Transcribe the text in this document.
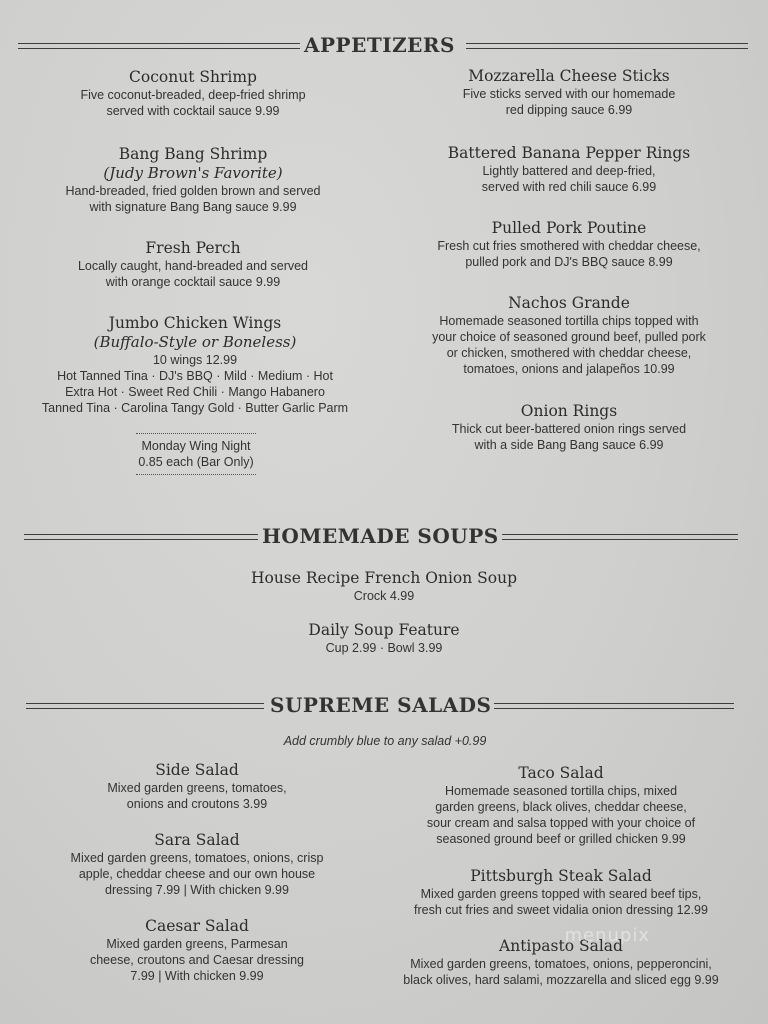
APPETIZERS
Coconut Shrimp
Five coconut-breaded, deep-fried shrimp
served with cocktail sauce 9.99
Bang Bang Shrimp
(Judy Brown's Favorite)
Hand-breaded, fried golden brown and served
with signature Bang Bang sauce 9.99
Fresh Perch
Locally caught, hand-breaded and served
with orange cocktail sauce 9.99
Jumbo Chicken Wings
(Buffalo-Style or Boneless)
10 wings 12.99
Hot Tanned Tina · DJ's BBQ · Mild · Medium · Hot
Extra Hot · Sweet Red Chili · Mango Habanero
Tanned Tina · Carolina Tangy Gold · Butter Garlic Parm
Monday Wing Night
0.85 each (Bar Only)
Mozzarella Cheese Sticks
Five sticks served with our homemade
red dipping sauce 6.99
Battered Banana Pepper Rings
Lightly battered and deep-fried,
served with red chili sauce 6.99
Pulled Pork Poutine
Fresh cut fries smothered with cheddar cheese,
pulled pork and DJ's BBQ sauce 8.99
Nachos Grande
Homemade seasoned tortilla chips topped with
your choice of seasoned ground beef, pulled pork
or chicken, smothered with cheddar cheese,
tomatoes, onions and jalapeños 10.99
Onion Rings
Thick cut beer-battered onion rings served
with a side Bang Bang sauce 6.99
HOMEMADE SOUPS
House Recipe French Onion Soup
Crock 4.99
Daily Soup Feature
Cup 2.99 · Bowl 3.99
SUPREME SALADS
Add crumbly blue to any salad +0.99
Side Salad
Mixed garden greens, tomatoes,
onions and croutons 3.99
Sara Salad
Mixed garden greens, tomatoes, onions, crisp
apple, cheddar cheese and our own house
dressing 7.99 | With chicken 9.99
Caesar Salad
Mixed garden greens, Parmesan
cheese, croutons and Caesar dressing
7.99 | With chicken 9.99
Taco Salad
Homemade seasoned tortilla chips, mixed
garden greens, black olives, cheddar cheese,
sour cream and salsa topped with your choice of
seasoned ground beef or grilled chicken 9.99
Pittsburgh Steak Salad
Mixed garden greens topped with seared beef tips,
fresh cut fries and sweet vidalia onion dressing 12.99
Antipasto Salad
Mixed garden greens, tomatoes, onions, pepperoncini,
black olives, hard salami, mozzarella and sliced egg 9.99
menupix
